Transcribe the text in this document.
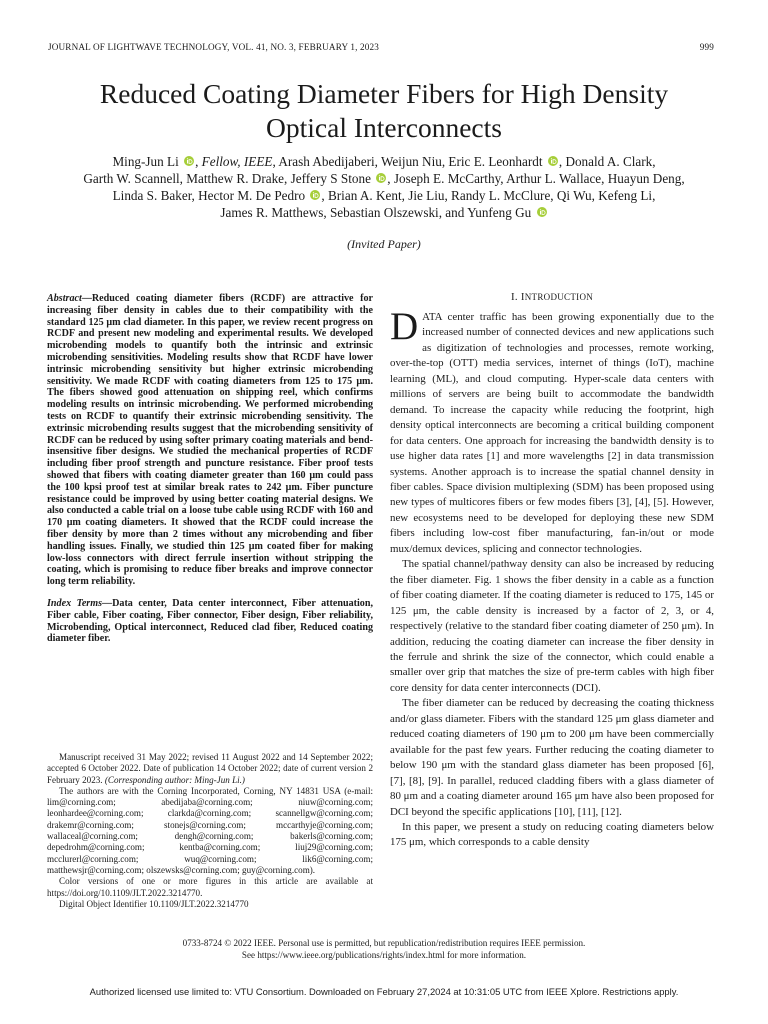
JOURNAL OF LIGHTWAVE TECHNOLOGY, VOL. 41, NO. 3, FEBRUARY 1, 2023	999
Reduced Coating Diameter Fibers for High Density
Optical Interconnects
Ming-Jun Li , Fellow, IEEE, Arash Abedijaberi, Weijun Niu, Eric E. Leonhardt , Donald A. Clark,
Garth W. Scannell, Matthew R. Drake, Jeffery S Stone , Joseph E. McCarthy, Arthur L. Wallace, Huayun Deng,
Linda S. Baker, Hector M. De Pedro , Brian A. Kent, Jie Liu, Randy L. McClure, Qi Wu, Kefeng Li,
James R. Matthews, Sebastian Olszewski, and Yunfeng Gu
(Invited Paper)

Abstract—Reduced coating diameter fibers (RCDF) are attractive for increasing fiber density in cables due to their compatibility with the standard 125 μm clad diameter. In this paper, we review recent progress on RCDF and present new modeling and experimental results. We developed microbending models to quantify both the intrinsic and extrinsic microbending sensitivities. Modeling results show that RCDF have lower intrinsic microbending sensitivity but higher extrinsic microbending sensitivity. We made RCDF with coating diameters from 125 to 175 μm. The fibers showed good attenuation on shipping reel, which confirms modeling results on intrinsic microbending. We performed microbending tests on RCDF to quantify their extrinsic microbending sensitivity. The extrinsic microbending results suggest that the microbending sensitivity of RCDF can be reduced by using softer primary coating materials and bend-insensitive fiber designs. We studied the mechanical properties of RCDF including fiber proof strength and puncture resistance. Fiber proof tests showed that fibers with coating diameter greater than 160 μm could pass the 100 kpsi proof test at similar break rates to 242 μm. Fiber puncture resistance could be improved by using better coating material designs. We also conducted a cable trial on a loose tube cable using RCDF with 160 and 170 μm coating diameters. It showed that the RCDF could increase the fiber density by more than 2 times without any microbending and fiber handling issues. Finally, we studied thin 125 μm coated fiber for making low-loss connectors with direct ferrule insertion without stripping the coating, which is promising to reduce fiber breaks and improve connector long term reliability.

Index Terms—Data center, Data center interconnect, Fiber attenuation, Fiber cable, Fiber coating, Fiber connector, Fiber design, Fiber reliability, Microbending, Optical interconnect, Reduced clad fiber, Reduced coating diameter fiber.

Manuscript received 31 May 2022; revised 11 August 2022 and 14 September 2022; accepted 6 October 2022. Date of publication 14 October 2022; date of current version 2 February 2023. (Corresponding author: Ming-Jun Li.)

The authors are with the Corning Incorporated, Corning, NY 14831 USA (e-mail: lim@corning.com; abedijaba@corning.com; niuw@corning.com; leonhardee@corning.com; clarkda@corning.com; scannellgw@corning.com; drakemr@corning.com; stonejs@corning.com; mccarthyje@corning.com; wallaceal@corning.com; dengh@corning.com; bakerls@corning.com; depedrohm@corning.com; kentba@corning.com; liuj29@corning.com; mcclurerl@corning.com; wuq@corning.com; lik6@corning.com; matthewsjr@corning.com; olszewsks@corning.com; guy@corning.com).

Color versions of one or more figures in this article are available at https://doi.org/10.1109/JLT.2022.3214770.

Digital Object Identifier 10.1109/JLT.2022.3214770

I. INTRODUCTION

DATA center traffic has been growing exponentially due to the increased number of connected devices and new applications such as digitization of technologies and processes, remote working, over-the-top (OTT) media services, internet of things (IoT), machine learning (ML), and cloud computing. Hyper-scale data centers with millions of servers are being built to accommodate the bandwidth demand. To increase the capacity while reducing the footprint, high density optical interconnects are becoming a critical building component for data centers. One approach for increasing the bandwidth density is to use higher data rates [1] and more wavelengths [2] in data transmission systems. Another approach is to increase the spatial channel density in fiber cables. Space division multiplexing (SDM) has been proposed using new types of multicores fibers or few modes fibers [3], [4], [5]. However, new ecosystems need to be developed for deploying these new SDM fibers including low-cost fiber manufacturing, fan-in/out or mode mux/demux devices, splicing and connector technologies.

The spatial channel/pathway density can also be increased by reducing the fiber diameter. Fig. 1 shows the fiber density in a cable as a function of fiber coating diameter. If the coating diameter is reduced to 175, 145 or 125 μm, the cable density is increased by a factor of 2, 3, or 4, respectively (relative to the standard fiber coating diameter of 250 μm). In addition, reducing the coating diameter can increase the fiber density in the ferrule and shrink the size of the connector, which could enable a smaller over grip that matches the size of pre-term cables with high fiber core density for data center interconnects (DCI).

The fiber diameter can be reduced by decreasing the coating thickness and/or glass diameter. Fibers with the standard 125 μm glass diameter and reduced coating diameters of 190 μm to 200 μm have been commercially available for the past few years. Further reducing the coating diameter to below 190 μm with the standard glass diameter has been proposed [6], [7], [8], [9]. In parallel, reduced cladding fibers with a glass diameter of 80 μm and a coating diameter around 165 μm have also been proposed for DCI beyond the specific applications [10], [11], [12].

In this paper, we present a study on reducing coating diameters below 175 μm, which corresponds to a cable density

0733-8724 © 2022 IEEE. Personal use is permitted, but republication/redistribution requires IEEE permission.
See https://www.ieee.org/publications/rights/index.html for more information.
Authorized licensed use limited to: VTU Consortium. Downloaded on February 27,2024 at 10:31:05 UTC from IEEE Xplore. Restrictions apply.
